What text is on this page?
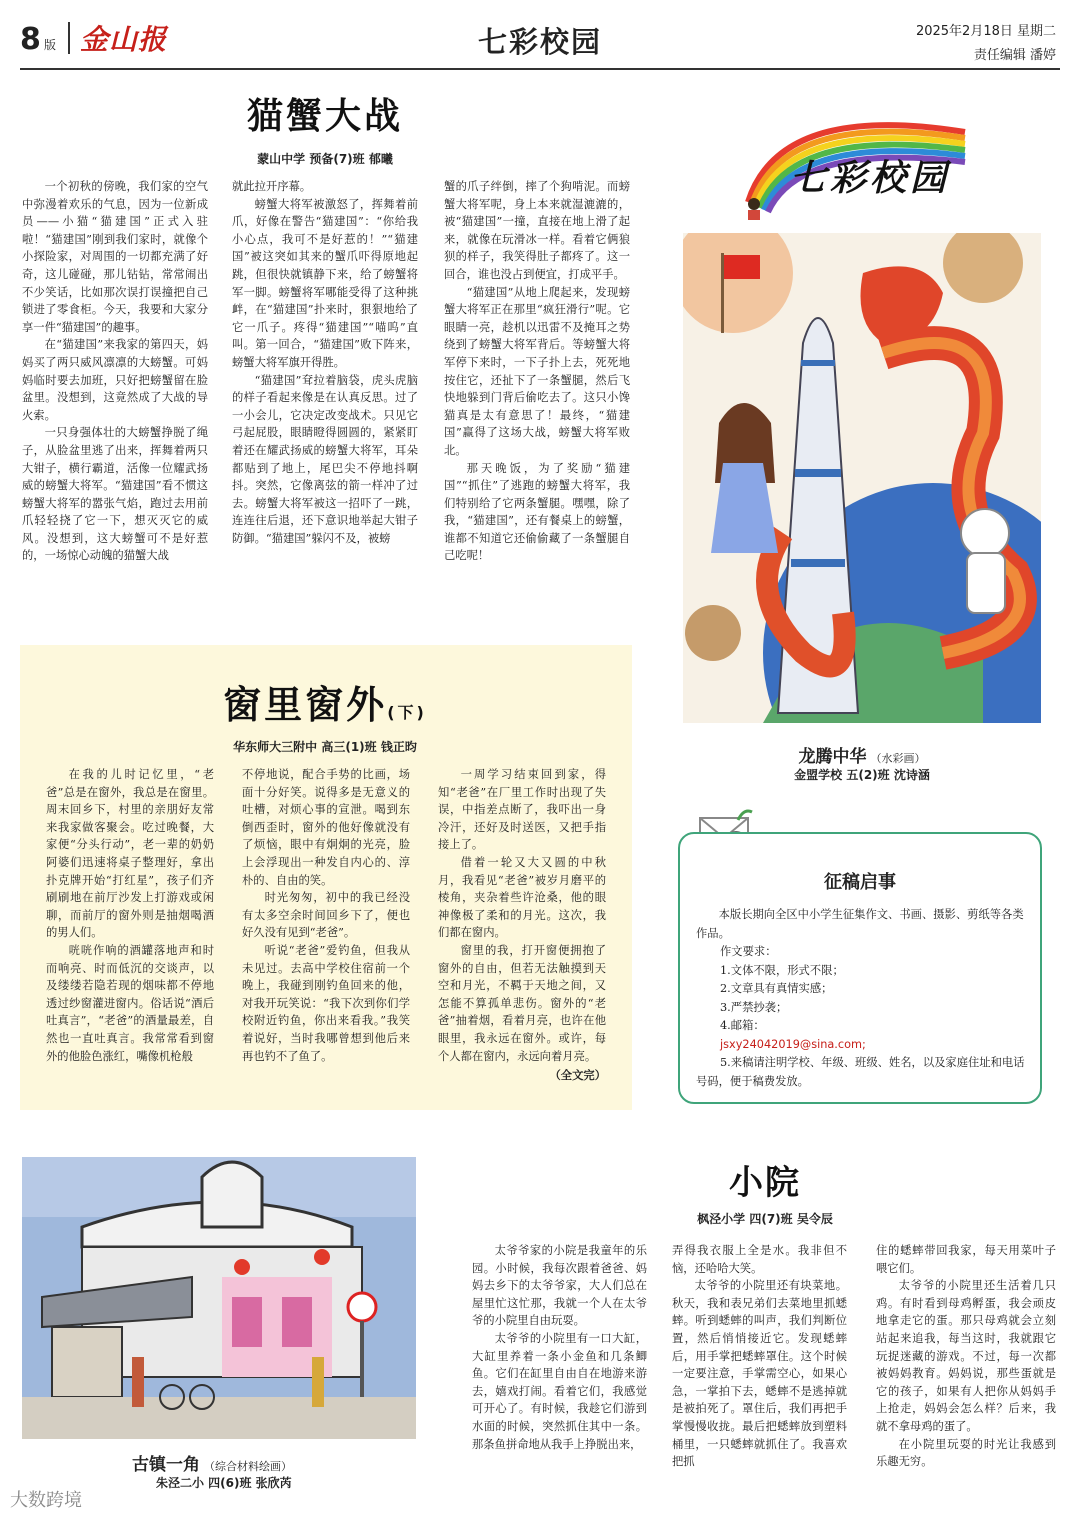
8 版 金山报	七彩校园	2025年2月18日 星期二
责任编辑 潘婷
猫蟹大战
蒙山中学 预备(7)班 郁曦

一个初秋的傍晚，我们家的空气中弥漫着欢乐的气息，因为一位新成员——小猫“猫建国”正式入驻啦！“猫建国”刚到我们家时，就像个小探险家，对周围的一切都充满了好奇，这儿碰碰，那儿钻钻，常常闹出不少笑话，比如那次误打误撞把自己锁进了零食柜。今天，我要和大家分享一件“猫建国”的趣事。

在“猫建国”来我家的第四天，妈妈买了两只威风凛凛的大螃蟹。可妈妈临时要去加班，只好把螃蟹留在脸盆里。没想到，这竟然成了大战的导火索。

一只身强体壮的大螃蟹挣脱了绳子，从脸盆里逃了出来，挥舞着两只大钳子，横行霸道，活像一位耀武扬威的螃蟹大将军。“猫建国”看不惯这螃蟹大将军的嚣张气焰，跑过去用前爪轻轻挠了它一下，想灭灭它的威风。没想到，这大螃蟹可不是好惹的，一场惊心动魄的猫蟹大战

就此拉开序幕。

螃蟹大将军被激怒了，挥舞着前爪，好像在警告“猫建国”：“你给我小心点，我可不是好惹的！”“猫建国”被这突如其来的蟹爪吓得原地起跳，但很快就镇静下来，给了螃蟹将军一脚。螃蟹将军哪能受得了这种挑衅，在“猫建国”扑来时，狠狠地给了它一爪子。疼得“猫建国”“喵呜”直叫。第一回合，“猫建国”败下阵来，螃蟹大将军旗开得胜。

“猫建国”耷拉着脑袋，虎头虎脑的样子看起来像是在认真反思。过了一小会儿，它决定改变战术。只见它弓起屁股，眼睛瞪得圆圆的，紧紧盯着还在耀武扬威的螃蟹大将军，耳朵都贴到了地上，尾巴尖不停地抖啊抖。突然，它像离弦的箭一样冲了过去。螃蟹大将军被这一招吓了一跳，连连往后退，还下意识地举起大钳子防御。“猫建国”躲闪不及，被螃

蟹的爪子绊倒，摔了个狗啃泥。而螃蟹大将军呢，身上本来就湿漉漉的，被“猫建国”一撞，直接在地上滑了起来，就像在玩滑冰一样。看着它俩狼狈的样子，我笑得肚子都疼了。这一回合，谁也没占到便宜，打成平手。

“猫建国”从地上爬起来，发现螃蟹大将军正在那里“疯狂滑行”呢。它眼睛一亮，趁机以迅雷不及掩耳之势绕到了螃蟹大将军背后。等螃蟹大将军停下来时，一下子扑上去，死死地按住它，还扯下了一条蟹腿，然后飞快地躲到门背后偷吃去了。这只小馋猫真是太有意思了！最终，“猫建国”赢得了这场大战，螃蟹大将军败北。

那天晚饭，为了奖励“猫建国”“抓住”了逃跑的螃蟹大将军，我们特别给了它两条蟹腿。嘿嘿，除了我，“猫建国”，还有餐桌上的螃蟹，谁都不知道它还偷偷藏了一条蟹腿自己吃呢！

七彩校园
龙腾中华 （水彩画）
金盟学校 五(2)班 沈诗涵
窗里窗外(下)
华东师大三附中 高三(1)班 钱正昀

在我的儿时记忆里，“老爸”总是在窗外，我总是在窗里。周末回乡下，村里的亲朋好友常来我家做客聚会。吃过晚餐，大家便“分头行动”，老一辈的奶奶阿婆们迅速将桌子整理好，拿出扑克牌开始“打红星”，孩子们齐刷刷地在前厅沙发上打游戏或闲聊，而前厅的窗外则是抽烟喝酒的男人们。

咣咣作响的酒罐落地声和时而响亮、时而低沉的交谈声，以及缕缕若隐若现的烟味都不停地透过纱窗灌进窗内。俗话说“酒后吐真言”，“老爸”的酒量最差，自然也一直吐真言。我常常看到窗外的他脸色涨红，嘴像机枪般

不停地说，配合手势的比画，场面十分好笑。说得多是无意义的吐槽，对烦心事的宣泄。喝到东倒西歪时，窗外的他好像就没有了烦恼，眼中有炯炯的光亮，脸上会浮现出一种发自内心的、淳朴的、自由的笑。

时光匆匆，初中的我已经没有太多空余时间回乡下了，便也好久没有见到“老爸”。

听说“老爸”爱钓鱼，但我从未见过。去高中学校住宿前一个晚上，我碰到刚钓鱼回来的他，对我开玩笑说：“我下次到你们学校附近钓鱼，你出来看我。”我笑着说好，当时我哪曾想到他后来再也钓不了鱼了。

一周学习结束回到家，得知“老爸”在厂里工作时出现了失误，中指差点断了，我吓出一身冷汗，还好及时送医，又把手指接上了。

借着一轮又大又圆的中秋月，我看见“老爸”被岁月磨平的棱角，夹杂着些许沧桑，他的眼神像极了柔和的月光。这次，我们都在窗内。

窗里的我，打开窗便拥抱了窗外的自由，但若无法触摸到天空和月光，不羁于天地之间，又怎能不算孤单悲伤。窗外的“老爸”抽着烟，看着月亮，也许在他眼里，我永远在窗外。或许，每个人都在窗内，永远向着月亮。

（全文完）

征稿启事
本版长期向全区中小学生征集作文、书画、摄影、剪纸等各类作品。
作文要求：
1.文体不限，形式不限；
2.文章具有真情实感；
3.严禁抄袭；
4.邮箱：
jsxy24042019@sina.com;
5.来稿请注明学校、年级、班级、姓名，以及家庭住址和电话号码，便于稿费发放。
古镇一角 （综合材料绘画）
朱泾二小 四(6)班 张欣芮
小院
枫泾小学 四(7)班 吴令辰

太爷爷家的小院是我童年的乐园。小时候，我每次跟着爸爸、妈妈去乡下的太爷爷家，大人们总在屋里忙这忙那，我就一个人在太爷爷的小院里自由玩耍。

太爷爷的小院里有一口大缸，大缸里养着一条小金鱼和几条鲫鱼。它们在缸里自由自在地游来游去，嬉戏打闹。看着它们，我感觉可开心了。有时候，我趁它们游到水面的时候，突然抓住其中一条。那条鱼拼命地从我手上挣脱出来，

弄得我衣服上全是水。我非但不恼，还哈哈大笑。

太爷爷的小院里还有块菜地。秋天，我和表兄弟们去菜地里抓蟋蟀。听到蟋蟀的叫声，我们判断位置，然后悄悄接近它。发现蟋蟀后，用手掌把蟋蟀罩住。这个时候一定要注意，手掌需空心，如果心急，一掌拍下去，蟋蟀不是逃掉就是被拍死了。罩住后，我们再把手掌慢慢收拢。最后把蟋蟀放到塑料桶里，一只蟋蟀就抓住了。我喜欢把抓

住的蟋蟀带回我家，每天用菜叶子喂它们。

太爷爷的小院里还生活着几只鸡。有时看到母鸡孵蛋，我会顽皮地拿走它的蛋。那只母鸡就会立刻站起来追我，每当这时，我就跟它玩捉迷藏的游戏。不过，每一次都被妈妈教育。妈妈说，那些蛋就是它的孩子，如果有人把你从妈妈手上抢走，妈妈会怎么样？后来，我就不拿母鸡的蛋了。

在小院里玩耍的时光让我感到乐趣无穷。

大数跨境
